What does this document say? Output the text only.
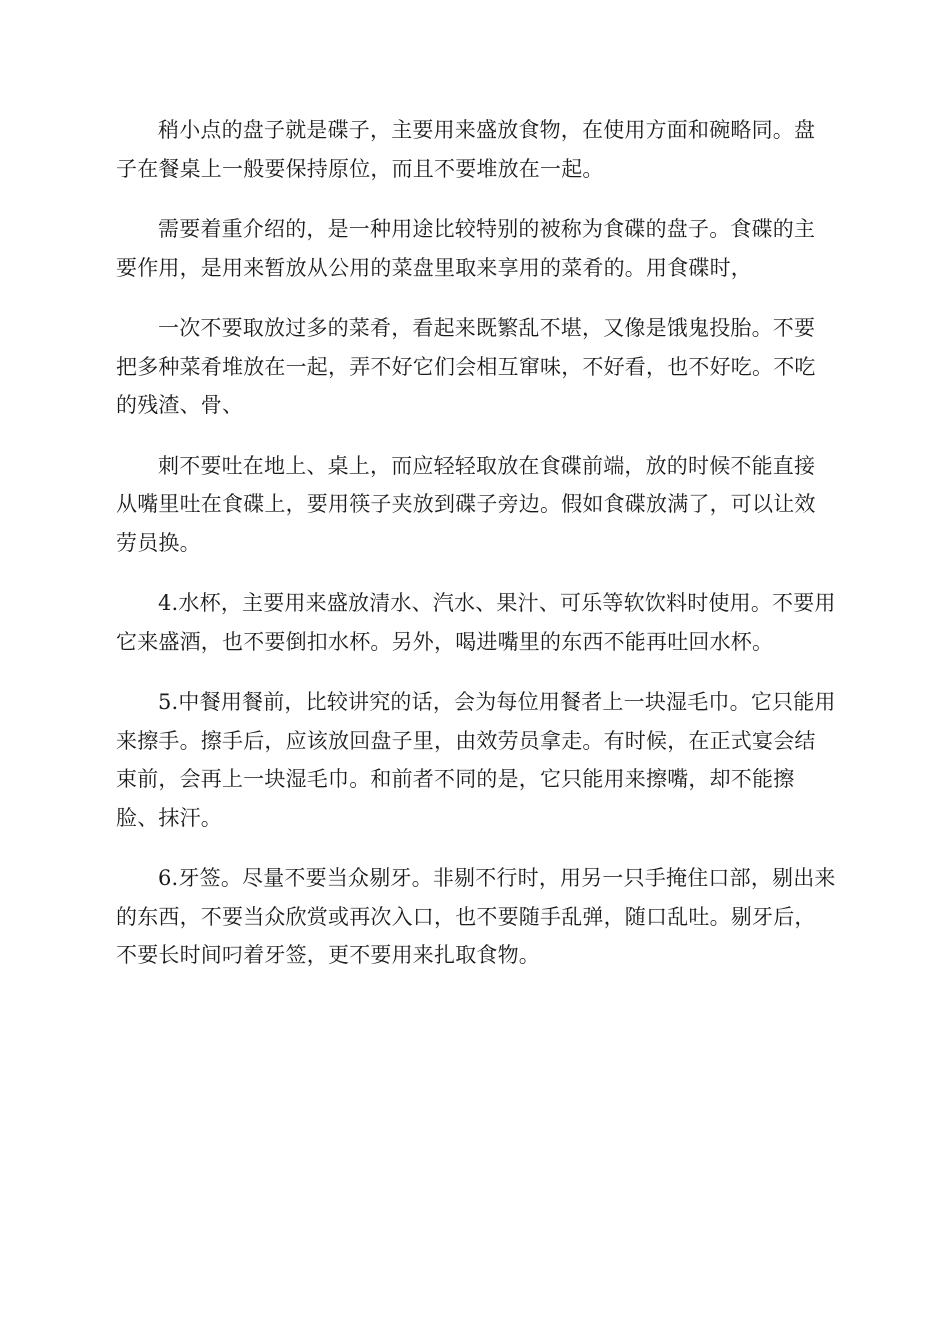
稍小点的盘子就是碟子，主要用来盛放食物，在使用方面和碗略同。盘子在餐桌上一般要保持原位，而且不要堆放在一起。

需要着重介绍的，是一种用途比较特别的被称为食碟的盘子。食碟的主要作用，是用来暂放从公用的菜盘里取来享用的菜肴的。用食碟时，

一次不要取放过多的菜肴，看起来既繁乱不堪，又像是饿鬼投胎。不要把多种菜肴堆放在一起，弄不好它们会相互窜味，不好看，也不好吃。不吃的残渣、骨、

刺不要吐在地上、桌上，而应轻轻取放在食碟前端，放的时候不能直接从嘴里吐在食碟上，要用筷子夹放到碟子旁边。假如食碟放满了，可以让效劳员换。

4.水杯，主要用来盛放清水、汽水、果汁、可乐等软饮料时使用。不要用它来盛酒，也不要倒扣水杯。另外，喝进嘴里的东西不能再吐回水杯。

5.中餐用餐前，比较讲究的话，会为每位用餐者上一块湿毛巾。它只能用来擦手。擦手后，应该放回盘子里，由效劳员拿走。有时候，在正式宴会结束前，会再上一块湿毛巾。和前者不同的是，它只能用来擦嘴，却不能擦脸、抹汗。

6.牙签。尽量不要当众剔牙。非剔不行时，用另一只手掩住口部，剔出来的东西，不要当众欣赏或再次入口，也不要随手乱弹，随口乱吐。剔牙后，不要长时间叼着牙签，更不要用来扎取食物。
